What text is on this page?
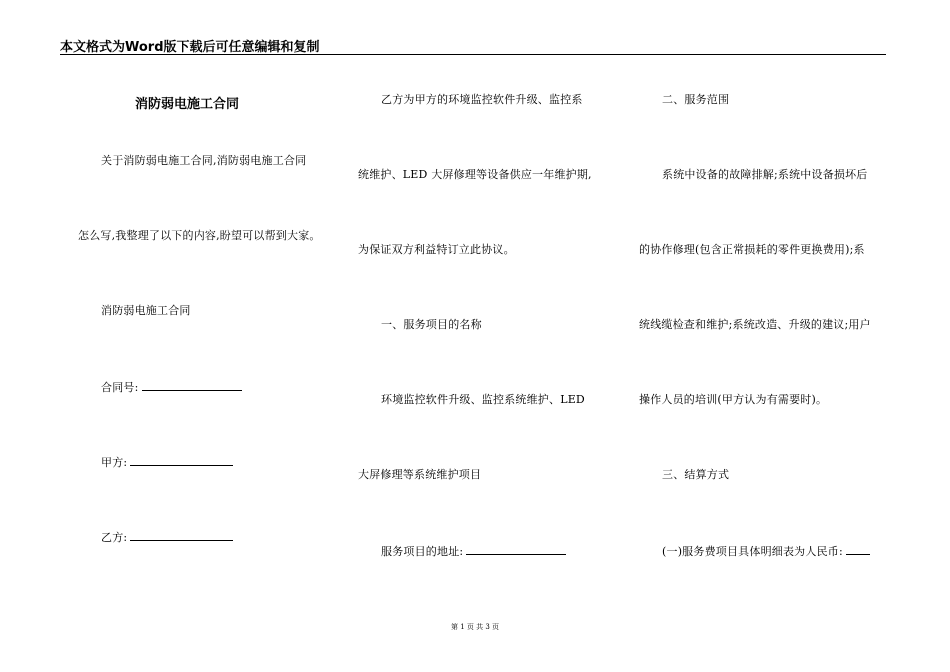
本文格式为Word版下载后可任意编辑和复制
消防弱电施工合同
关于消防弱电施工合同,消防弱电施工合同
怎么写,我整理了以下的内容,盼望可以帮到大家。
消防弱电施工合同
合同号:
甲方:
乙方:
乙方为甲方的环境监控软件升级、监控系
统维护、LED 大屏修理等设备供应一年维护期,
为保证双方利益特订立此协议。
一、服务项目的名称
环境监控软件升级、监控系统维护、LED
大屏修理等系统维护项目
服务项目的地址:
二、服务范围
系统中设备的故障排解;系统中设备损坏后
的协作修理(包含正常损耗的零件更换费用);系
统线缆检查和维护;系统改造、升级的建议;用户
操作人员的培训(甲方认为有需要时)。
三、结算方式
(一)服务费项目具体明细表为人民币:
第 1 页 共 3 页
